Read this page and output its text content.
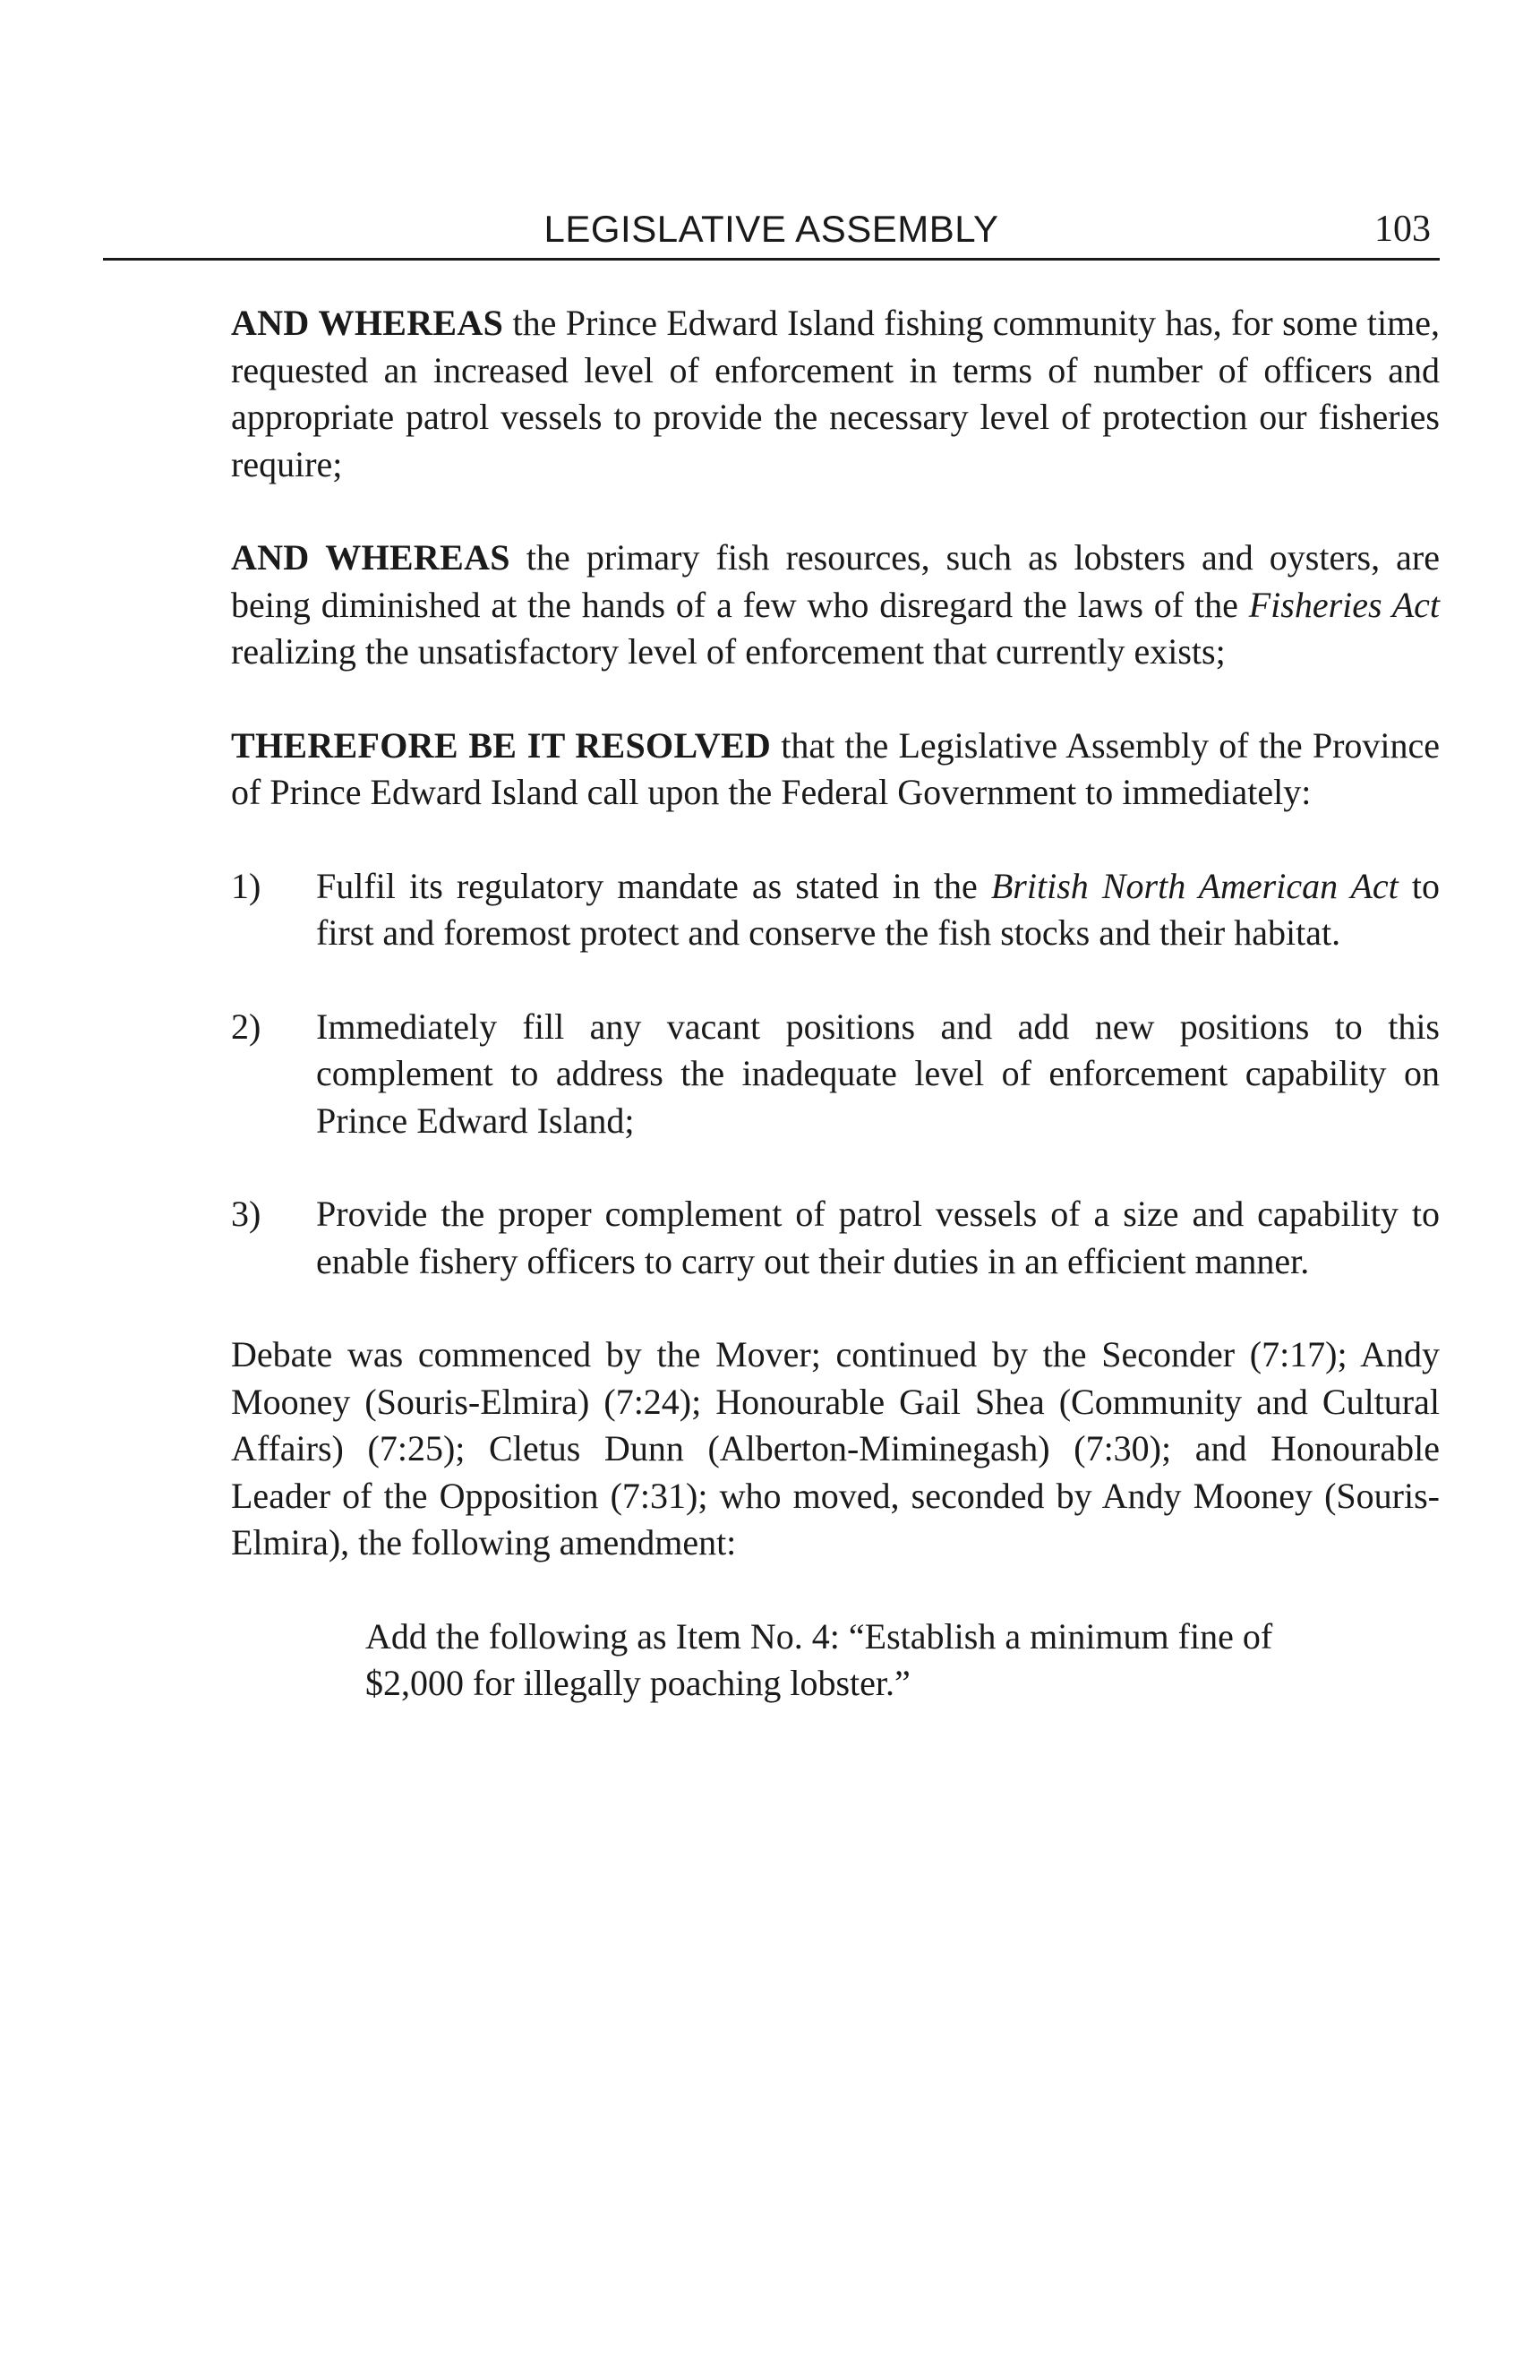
LEGISLATIVE ASSEMBLY	103

AND WHEREAS the Prince Edward Island fishing community has, for some time, requested an increased level of enforcement in terms of number of officers and appropriate patrol vessels to provide the necessary level of protection our fisheries require;

AND WHEREAS the primary fish resources, such as lobsters and oysters, are being diminished at the hands of a few who disregard the laws of the Fisheries Act realizing the unsatisfactory level of enforcement that currently exists;

THEREFORE BE IT RESOLVED that the Legislative Assembly of the Province of Prince Edward Island call upon the Federal Government to immediately:

1)	Fulfil its regulatory mandate as stated in the British North American Act to first and foremost protect and conserve the fish stocks and their habitat.
2)	Immediately fill any vacant positions and add new positions to this complement to address the inadequate level of enforcement capability on Prince Edward Island;
3)	Provide the proper complement of patrol vessels of a size and capability to enable fishery officers to carry out their duties in an efficient manner.

Debate was commenced by the Mover; continued by the Seconder (7:17); Andy Mooney (Souris-Elmira) (7:24); Honourable Gail Shea (Community and Cultural Affairs) (7:25); Cletus Dunn (Alberton-Miminegash) (7:30); and Honourable Leader of the Opposition (7:31); who moved, seconded by Andy Mooney (Souris-Elmira), the following amendment:

Add the following as Item No. 4: “Establish a minimum fine of $2,000 for illegally poaching lobster.”
